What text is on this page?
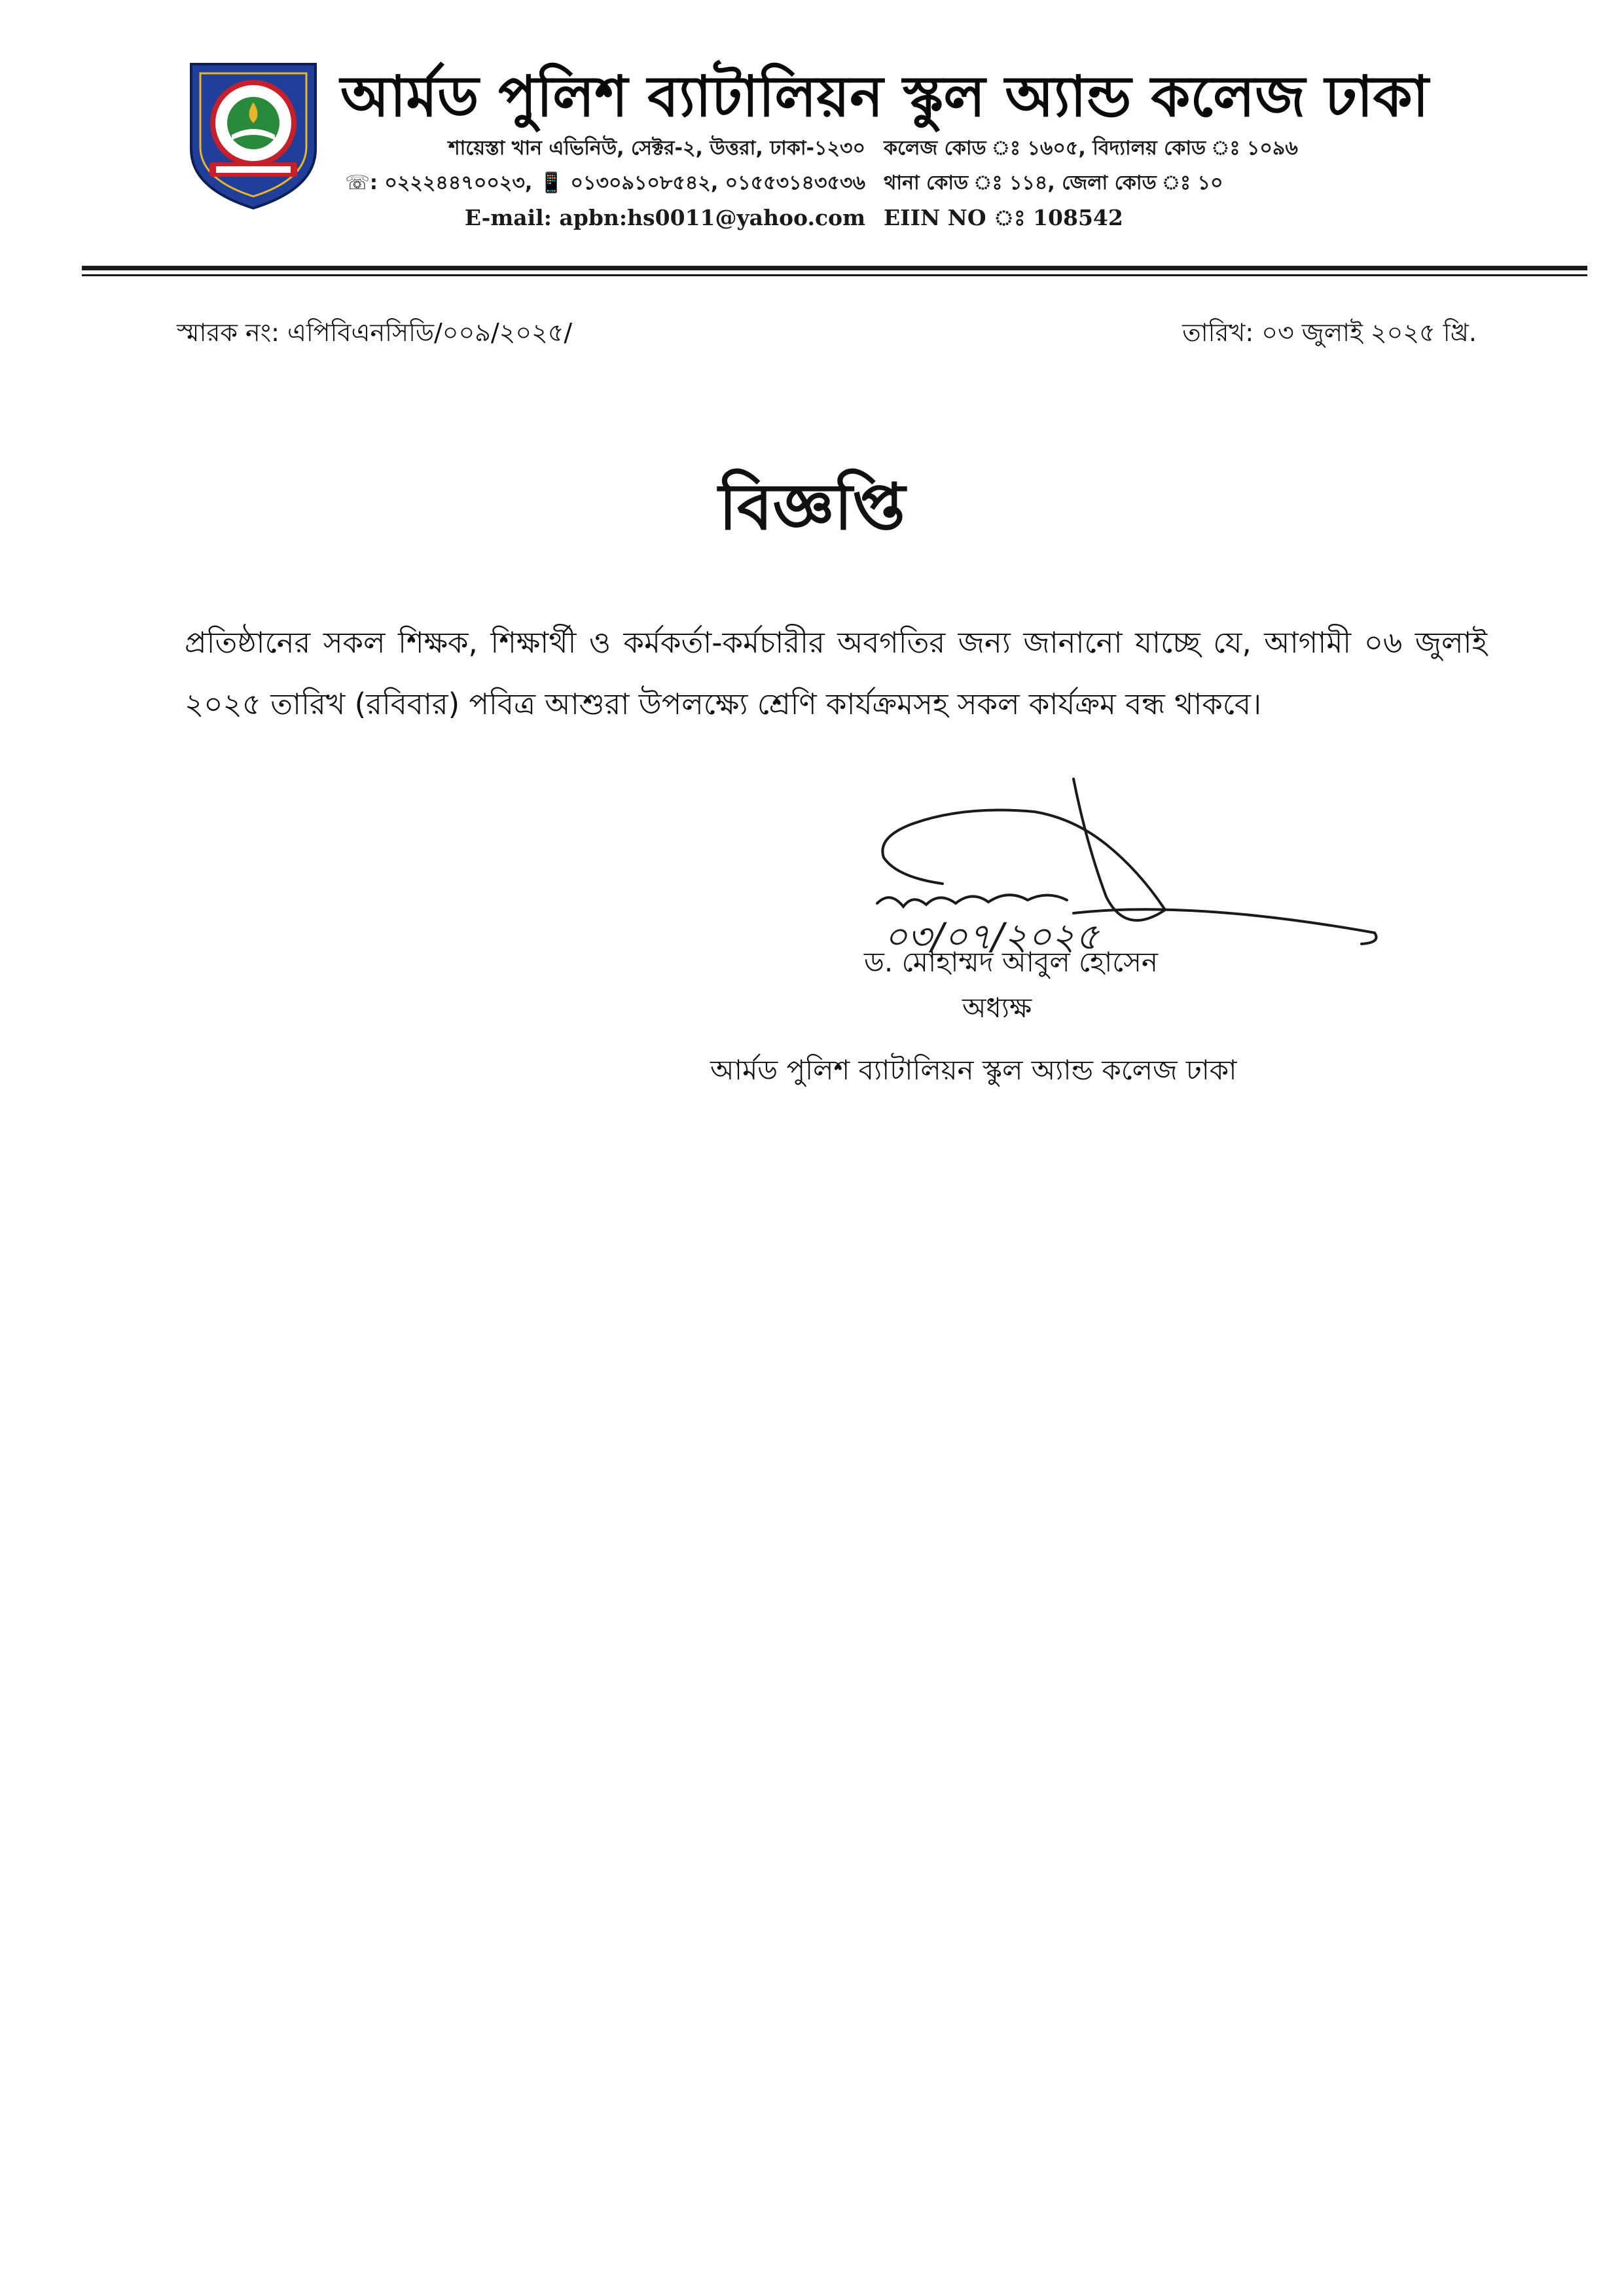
আর্মড পুলিশ ব্যাটালিয়ন স্কুল অ্যান্ড কলেজ ঢাকা
শায়েস্তা খান এভিনিউ, সেক্টর-২, উত্তরা, ঢাকা-১২৩০
☏: ০২২২৪৪৭০০২৩, 📱 ০১৩০৯১০৮৫৪২, ০১৫৫৩১৪৩৫৩৬
E-mail: apbn:hs0011@yahoo.com
কলেজ কোড ঃ ১৬০৫, বিদ্যালয় কোড ঃ ১০৯৬
থানা কোড ঃ ১১৪, জেলা কোড ঃ ১০
EIIN NO ঃ 108542
স্মারক নং: এপিবিএনসিডি/০০৯/২০২৫/	তারিখ: ০৩ জুলাই ২০২৫ খ্রি.
বিজ্ঞপ্তি
প্রতিষ্ঠানের সকল শিক্ষক, শিক্ষার্থী ও কর্মকর্তা-কর্মচারীর অবগতির জন্য জানানো যাচ্ছে যে, আগামী ০৬ জুলাই ২০২৫ তারিখ (রবিবার) পবিত্র আশুরা উপলক্ষ্যে শ্রেণি কার্যক্রমসহ সকল কার্যক্রম বন্ধ থাকবে।
০৩/০৭/২০২৫
ড. মোহাম্মদ আবুল হোসেন
অধ্যক্ষ
আর্মড পুলিশ ব্যাটালিয়ন স্কুল অ্যান্ড কলেজ ঢাকা
